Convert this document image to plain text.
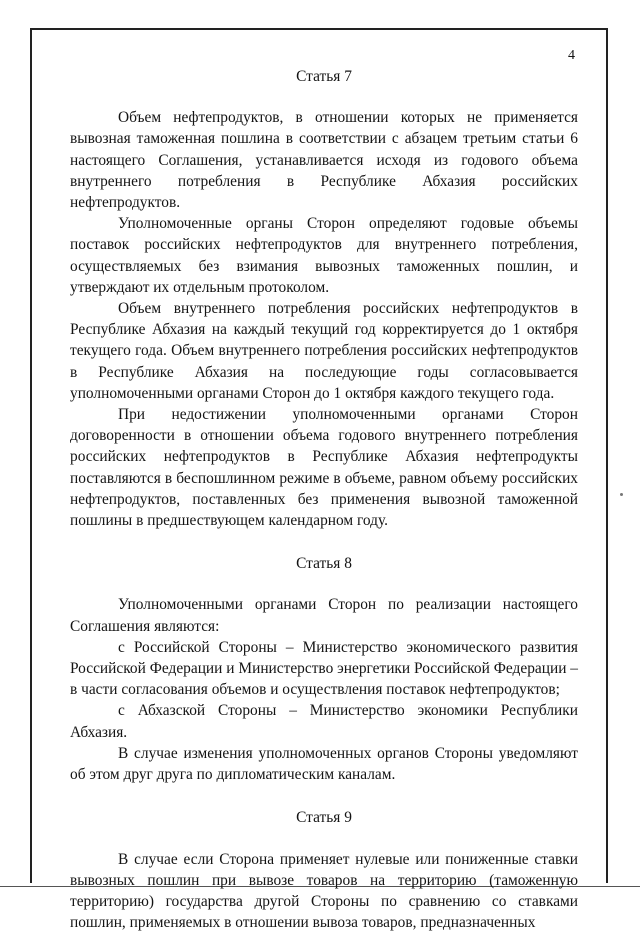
4
Статья 7

Объем нефтепродуктов, в отношении которых не применяется вывозная таможенная пошлина в соответствии с абзацем третьим статьи 6 настоящего Соглашения, устанавливается исходя из годового объема внутреннего потребления в Республике Абхазия российских нефтепродуктов.

Уполномоченные органы Сторон определяют годовые объемы поставок российских нефтепродуктов для внутреннего потребления, осуществляемых без взимания вывозных таможенных пошлин, и утверждают их отдельным протоколом.

Объем внутреннего потребления российских нефтепродуктов в Республике Абхазия на каждый текущий год корректируется до 1 октября текущего года. Объем внутреннего потребления российских нефтепродуктов в Республике Абхазия на последующие годы согласовывается уполномоченными органами Сторон до 1 октября каждого текущего года.

При недостижении уполномоченными органами Сторон договоренности в отношении объема годового внутреннего потребления российских нефтепродуктов в Республике Абхазия нефтепродукты поставляются в беспошлинном режиме в объеме, равном объему российских нефтепродуктов, поставленных без применения вывозной таможенной пошлины в предшествующем календарном году.

Статья 8

Уполномоченными органами Сторон по реализации настоящего Соглашения являются:

с Российской Стороны – Министерство экономического развития Российской Федерации и Министерство энергетики Российской Федерации – в части согласования объемов и осуществления поставок нефтепродуктов;

с Абхазской Стороны – Министерство экономики Республики Абхазия.

В случае изменения уполномоченных органов Стороны уведомляют об этом друг друга по дипломатическим каналам.

Статья 9

В случае если Сторона применяет нулевые или пониженные ставки вывозных пошлин при вывозе товаров на территорию (таможенную территорию) государства другой Стороны по сравнению со ставками пошлин, применяемых в отношении вывоза товаров, предназначенных
